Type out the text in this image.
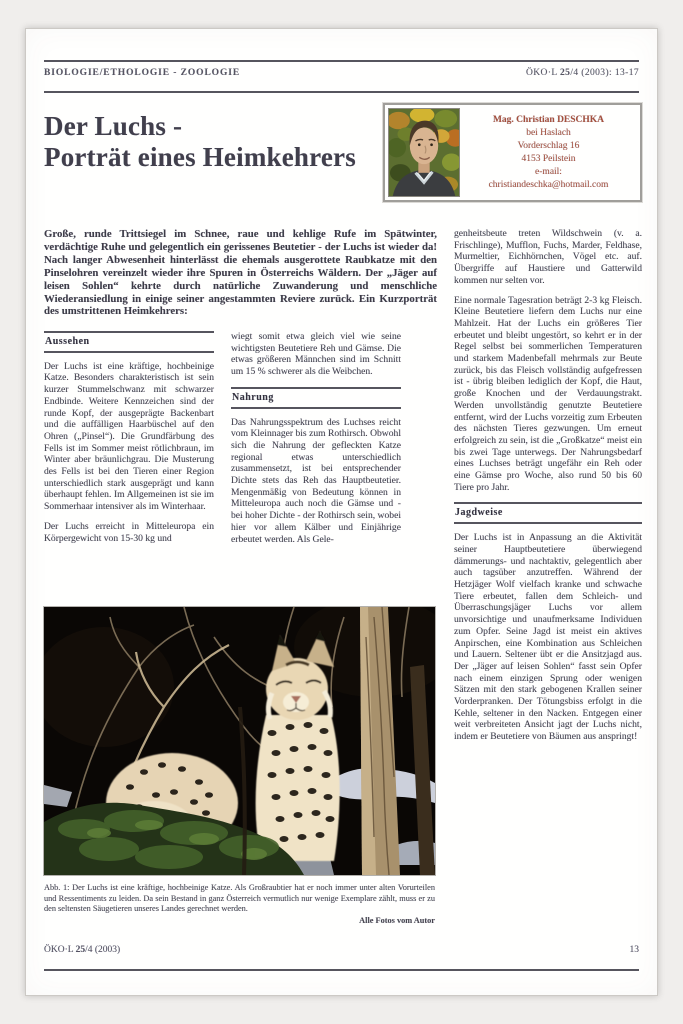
BIOLOGIE/ETHOLOGIE - ZOOLOGIE	ÖKO·L 25/4 (2003): 13-17
Der Luchs -
Porträt eines Heimkehrers
Mag. Christian DESCHKA
bei Haslach
Vorderschlag 16
4153 Peilstein
e-mail:
christiandeschka@hotmail.com
Große, runde Trittsiegel im Schnee, raue und kehlige Rufe im Spätwinter, verdächtige Ruhe und gelegentlich ein gerissenes Beutetier - der Luchs ist wieder da! Nach langer Abwesenheit hinterlässt die ehemals ausgerottete Raubkatze mit den Pinselohren vereinzelt wieder ihre Spuren in Österreichs Wäldern. Der „Jäger auf leisen Sohlen“ kehrte durch natürliche Zuwanderung und menschliche Wiederansiedlung in einige seiner angestammten Reviere zurück. Ein Kurzporträt des umstrittenen Heimkehrers:
Aussehen

Der Luchs ist eine kräftige, hochbeinige Katze. Besonders charakteristisch ist sein kurzer Stummelschwanz mit schwarzer Endbinde. Weitere Kennzeichen sind der runde Kopf, der ausgeprägte Backenbart und die auffälligen Haarbüschel auf den Ohren („Pinsel“). Die Grundfärbung des Fells ist im Sommer meist rötlichbraun, im Winter aber bräunlichgrau. Die Musterung des Fells ist bei den Tieren einer Region unterschiedlich stark ausgeprägt und kann überhaupt fehlen. Im Allgemeinen ist sie im Sommerhaar intensiver als im Winterhaar.

Der Luchs erreicht in Mitteleuropa ein Körpergewicht von 15-30 kg und

wiegt somit etwa gleich viel wie seine wichtigsten Beutetiere Reh und Gämse. Die etwas größeren Männchen sind im Schnitt um 15 % schwerer als die Weibchen.

Nahrung

Das Nahrungsspektrum des Luchses reicht vom Kleinnager bis zum Rothirsch. Obwohl sich die Nahrung der gefleckten Katze regional etwas unterschiedlich zusammensetzt, ist bei entsprechender Dichte stets das Reh das Hauptbeutetier. Mengenmäßig von Bedeutung können in Mitteleuropa auch noch die Gämse und - bei hoher Dichte - der Rothirsch sein, wobei hier vor allem Kälber und Einjährige erbeutet werden. Als Gele-

genheitsbeute treten Wildschwein (v. a. Frischlinge), Mufflon, Fuchs, Marder, Feldhase, Murmeltier, Eichhörnchen, Vögel etc. auf. Übergriffe auf Haustiere und Gatterwild kommen nur selten vor.

Eine normale Tagesration beträgt 2-3 kg Fleisch. Kleine Beutetiere liefern dem Luchs nur eine Mahlzeit. Hat der Luchs ein größeres Tier erbeutet und bleibt ungestört, so kehrt er in der Regel selbst bei sommerlichen Temperaturen und starkem Madenbefall mehrmals zur Beute zurück, bis das Fleisch vollständig aufgefressen ist - übrig bleiben lediglich der Kopf, die Haut, große Knochen und der Verdauungstrakt. Werden unvollständig genutzte Beutetiere entfernt, wird der Luchs vorzeitig zum Erbeuten des nächsten Tieres gezwungen. Um erneut erfolgreich zu sein, ist die „Großkatze“ meist ein bis zwei Tage unterwegs. Der Nahrungsbedarf eines Luchses beträgt ungefähr ein Reh oder eine Gämse pro Woche, also rund 50 bis 60 Tiere pro Jahr.

Jagdweise

Der Luchs ist in Anpassung an die Aktivität seiner Hauptbeutetiere überwiegend dämmerungs- und nachtaktiv, gelegentlich aber auch tagsüber anzutreffen. Während der Hetzjäger Wolf vielfach kranke und schwache Tiere erbeutet, fallen dem Schleich- und Überraschungsjäger Luchs vor allem unvorsichtige und unaufmerksame Individuen zum Opfer. Seine Jagd ist meist ein aktives Anpirschen, eine Kombination aus Schleichen und Lauern. Seltener übt er die Ansitzjagd aus. Der „Jäger auf leisen Sohlen“ fasst sein Opfer nach einem einzigen Sprung oder wenigen Sätzen mit den stark gebogenen Krallen seiner Vorderpranken. Der Tötungsbiss erfolgt in die Kehle, seltener in den Nacken. Entgegen einer weit verbreiteten Ansicht jagt der Luchs nicht, indem er Beutetiere von Bäumen aus anspringt!

Abb. 1: Der Luchs ist eine kräftige, hochbeinige Katze. Als Großraubtier hat er noch immer unter alten Vorurteilen und Ressentiments zu leiden. Da sein Bestand in ganz Österreich vermutlich nur wenige Exemplare zählt, muss er zu den seltensten Säugetieren unseres Landes gerechnet werden.
Alle Fotos vom Autor
ÖKO·L 25/4 (2003)	13
